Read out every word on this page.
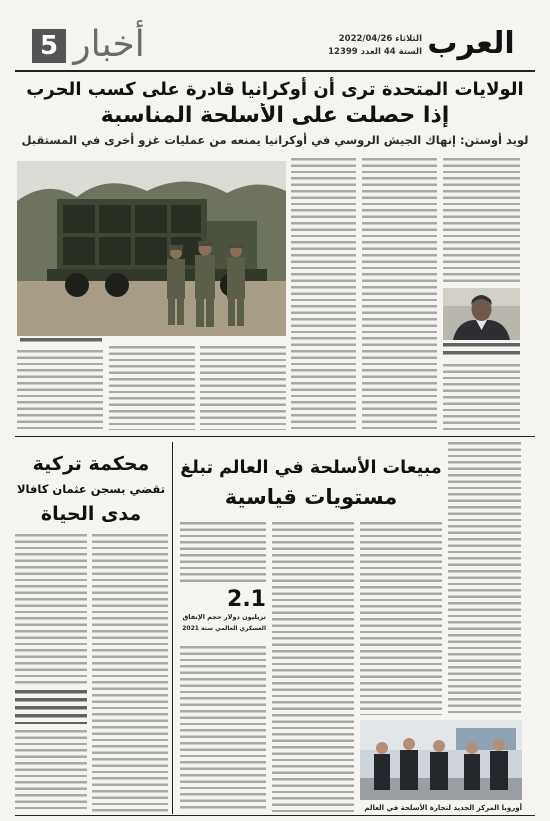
العرب
الثلاثاء 2022/04/26
السنة 44 العدد 12399
أخبار
5
الولايات المتحدة ترى أن أوكرانيا قادرة على كسب الحرب
إذا حصلت على الأسلحة المناسبة
لويد أوستن: إنهاك الجيش الروسي في أوكرانيا يمنعه من عمليات غزو أخرى في المستقبل
مبيعات الأسلحة في العالم تبلغ
مستويات قياسية
2.1
تريليون دولار حجم الإنفاق
العسكري العالمي سنة 2021
أوروبا المركز الجديد لتجارة الأسلحة في العالم
محكمة تركية
تقضي بسجن عثمان كافالا
مدى الحياة
